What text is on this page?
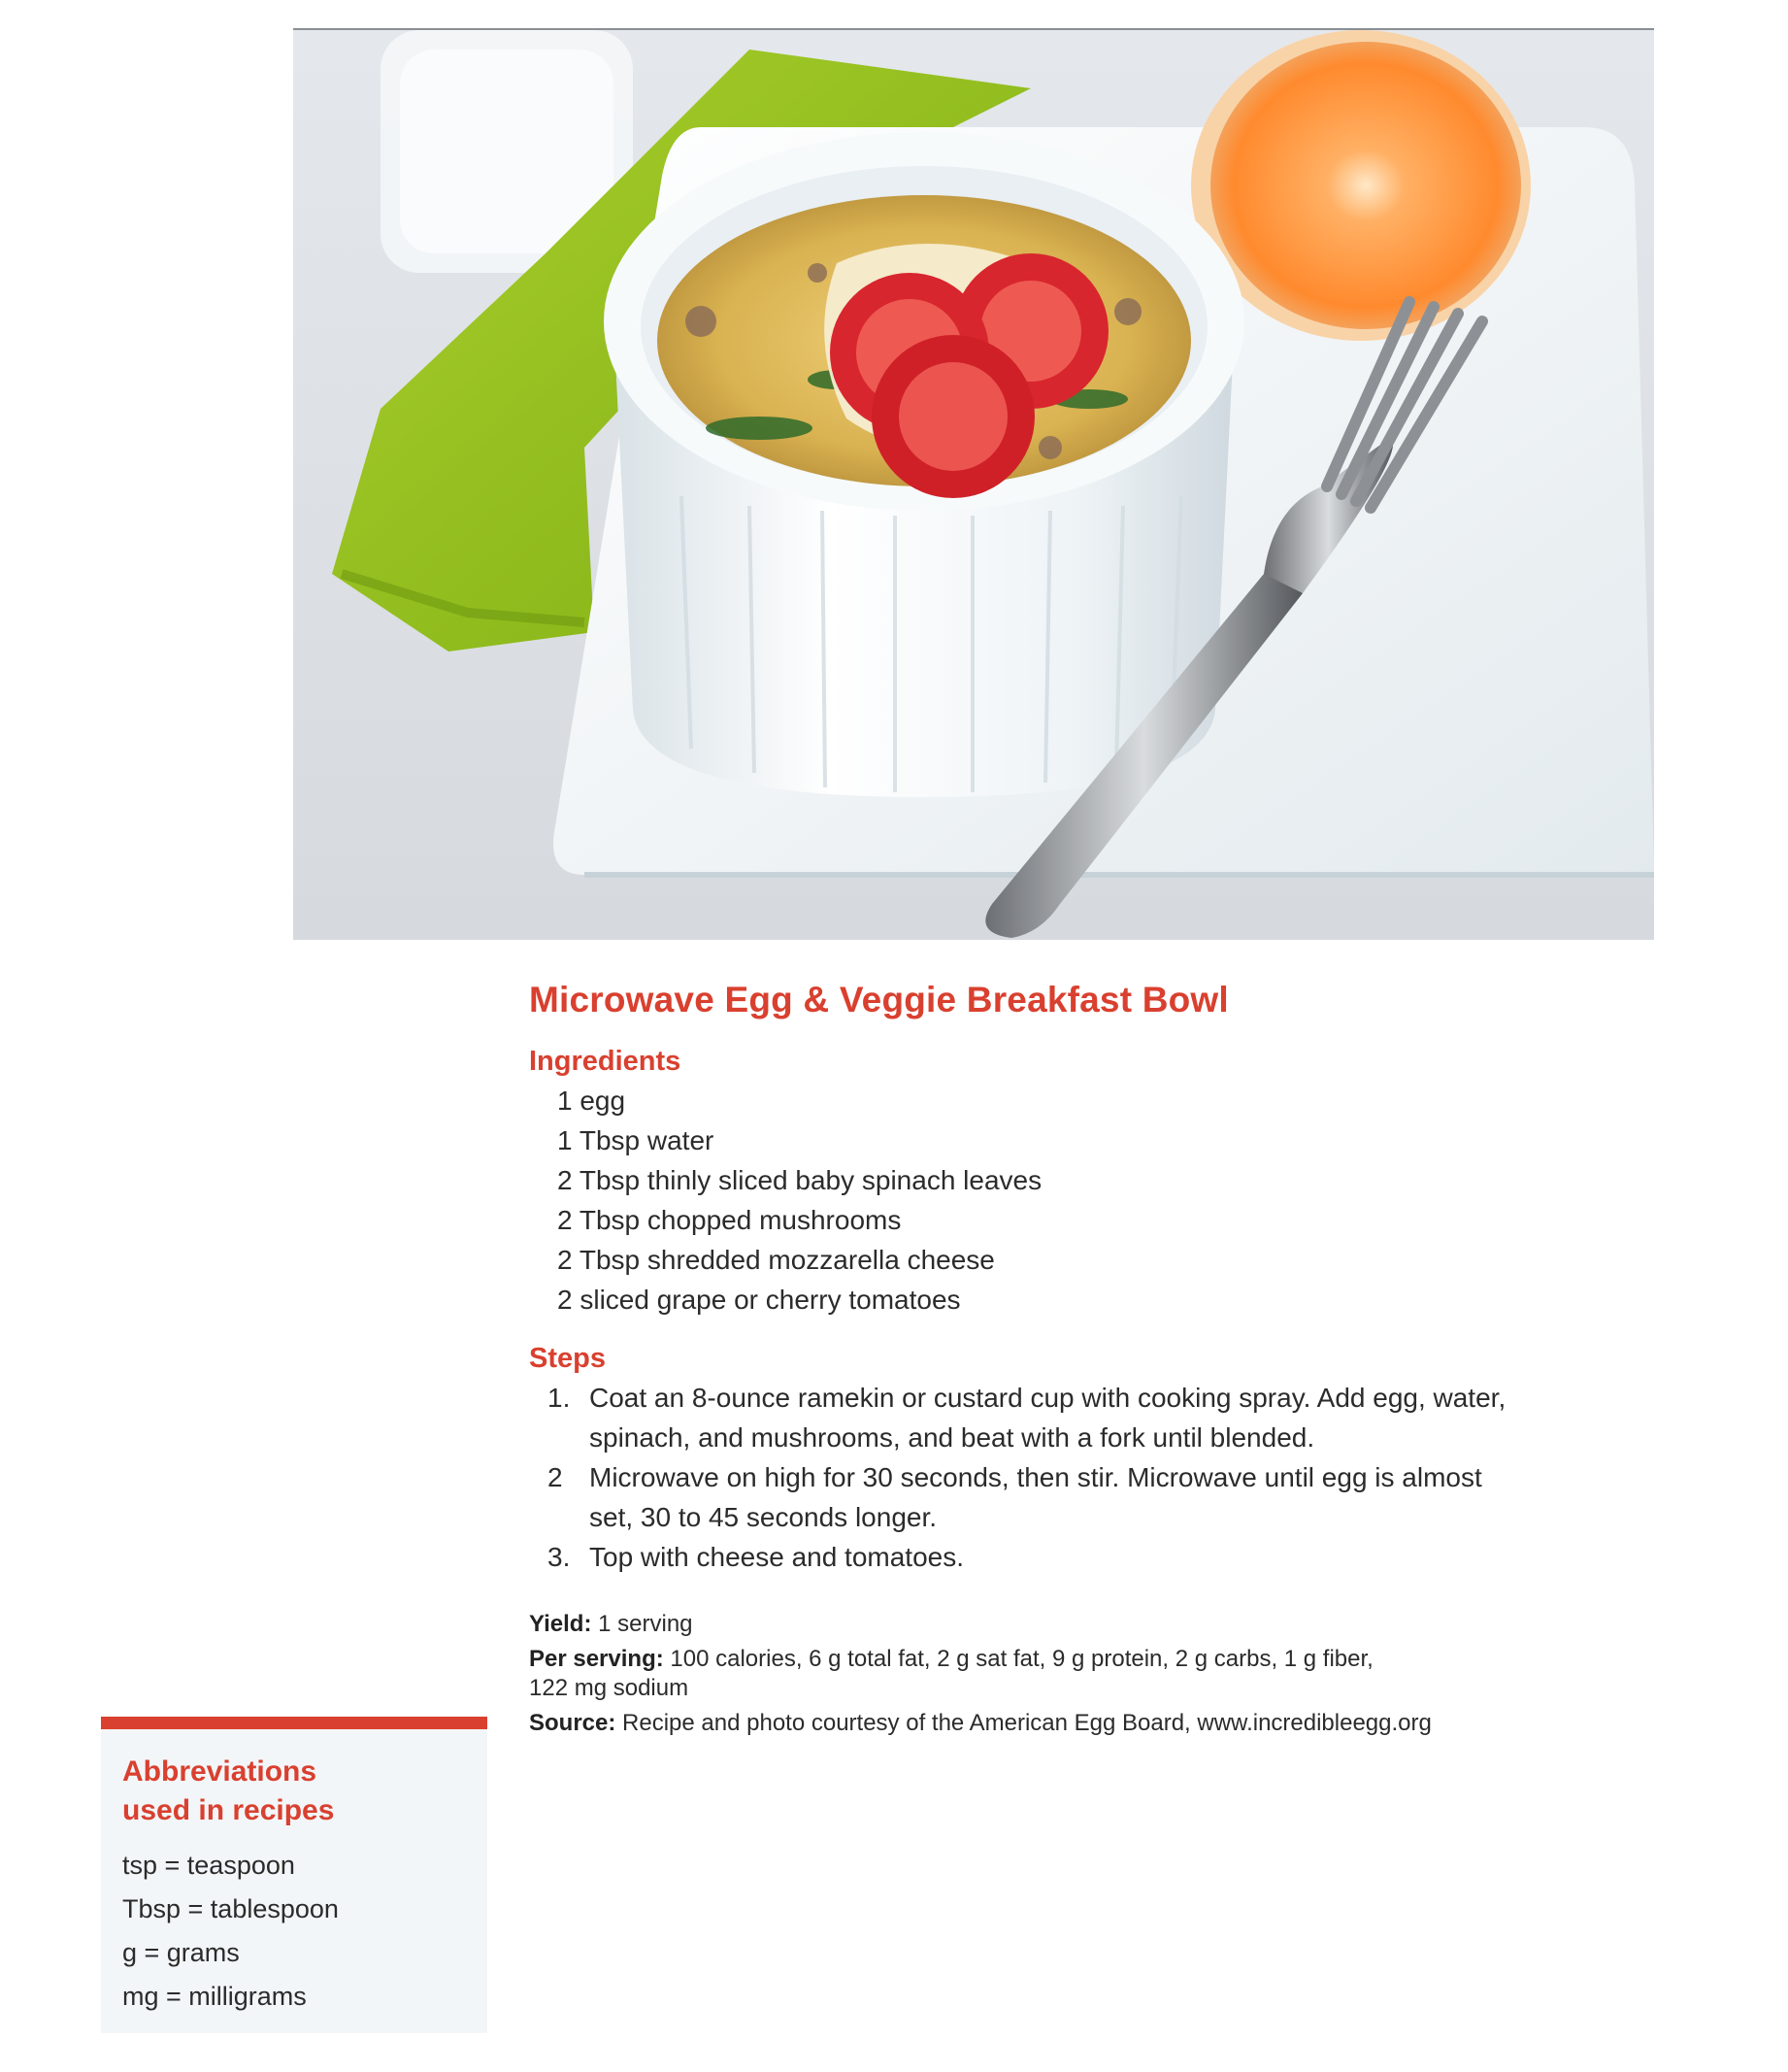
Microwave Egg & Veggie Breakfast Bowl
Ingredients
1 egg
1 Tbsp water
2 Tbsp thinly sliced baby spinach leaves
2 Tbsp chopped mushrooms
2 Tbsp shredded mozzarella cheese
2 sliced grape or cherry tomatoes
Steps
1. Coat an 8-ounce ramekin or custard cup with cooking spray. Add egg, water, spinach, and mushrooms, and beat with a fork until blended.
2 Microwave on high for 30 seconds, then stir. Microwave until egg is almost set, 30 to 45 seconds longer.
3. Top with cheese and tomatoes.

Yield: 1 serving

Per serving: 100 calories, 6 g total fat, 2 g sat fat, 9 g protein, 2 g carbs, 1 g fiber,
122 mg sodium

Source: Recipe and photo courtesy of the American Egg Board, www.incredibleegg.org

Abbreviations
used in recipes
tsp = teaspoon
Tbsp = tablespoon
g = grams
mg = milligrams
